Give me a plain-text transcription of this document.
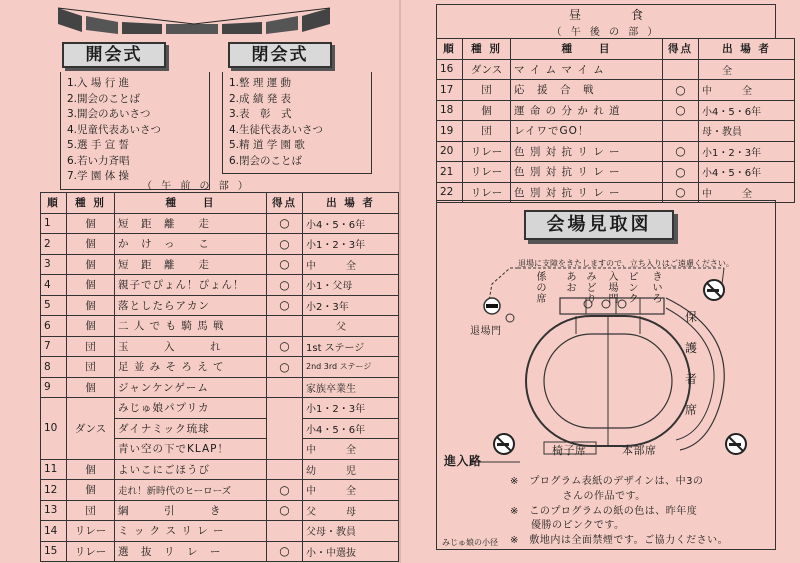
開会式
1.入 場 行 進
2.開会のことば
3.開会のあいさつ
4.児童代表あいさつ
5.選 手 宣 誓
6.若い力斉唱
7.学 園 体 操
閉会式
1.整 理 運 動
2.成 績 発 表
3.表　彰　式
4.生徒代表あいさつ
5.精 道 学 園 歌
6.閉会のことば
（ 午 前 の 部 ）
順	種 別	種　　目	得点	出 場 者
1	個	短　距　離　　走	○	小4・5・6年
2	個	か　け　っ　　こ	○	小1・2・3年
3	個	短　距　離　　走	○	中　　　全
4	個	親子でぴょん！ぴょん！	○	小1・父母
5	個	落としたらアカン	○	小2・3年
6	個	二 人 で も 騎 馬 戦		　　　父
7	団	玉　　　入　　　れ	○	1st ステージ
8	団	足 並 み そ ろ え て	○	2nd 3rd ステージ
9	個	ジャンケンゲーム		家族卒業生
10	ダンス	みじゅ娘パプリカ		小1・2・3年
		ダイナミック琉球		小4・5・6年
		青い空の下でKLAP！		中　　　全
11	個	よいこにごほうび		幼　　　児
12	個	走れ！新時代のヒーローズ	○	中　　　全
13	団	綱　　　引　　　き	○	父　　　母
14	リレー	ミ ッ ク ス リ レ ー		父母・教員
15	リレー	選　抜　リ　レ　ー	○	小・中選抜
昼食
（ 午 後 の 部 ）
順	種 別	種　　目	得点	出 場 者
16	ダンス	マ イ ム マ イ ム		　　全
17	団	応　援　合　戦	○	中　　　全
18	個	運 命 の 分 か れ 道	○	小4・5・6年
19	団	レイワでGO！		母・教員
20	リレー	色 別 対 抗 リ レ ー	○	小1・2・3年
21	リレー	色 別 対 抗 リ レ ー	○	小4・5・6年
22	リレー	色 別 対 抗 リ レ ー	○	中　　　全
会場見取図
退場に支障をきたしますので、立ち入りはご遠慮ください。
係
の
席
あ
お
み
ど
り
入
場
門
ピ
ン
ク
き
い
ろ
退場門
保　護　者　席
椅子席	本部席
進入路
※　プログラム表紙のデザインは、中3の
　　　　　さんの作品です。
※　このプログラムの紙の色は、昨年度
　　優勝のピンクです。
※　敷地内は全面禁煙です。ご協力ください。
みじゅ娘の小径
